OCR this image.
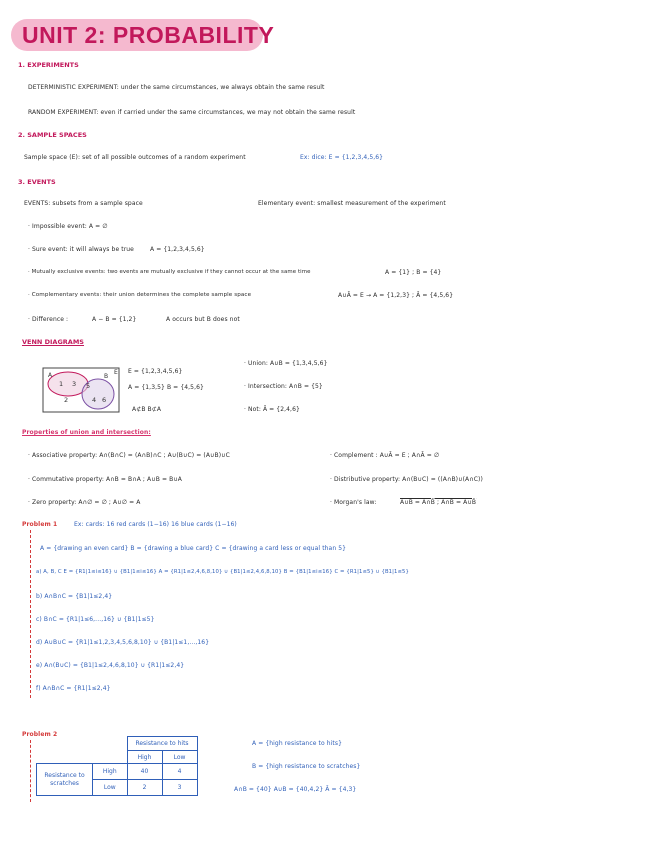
UNIT 2: PROBABILITY
1. EXPERIMENTS
DETERMINISTIC EXPERIMENT: under the same circumstances, we always obtain the same result
RANDOM EXPERIMENT: even if carried under the same circumstances, we may not obtain the same result
2. SAMPLE SPACES
Sample space (E): set of all possible outcomes of a random experiment	Ex: dice: E = {1,2,3,4,5,6}
3. EVENTS
EVENTS: subsets from a sample space	Elementary event: smallest measurement of the experiment
· Impossible event: A = ∅
· Sure event: it will always be true	A = {1,2,3,4,5,6}
· Mutually exclusive events: two events are mutually exclusive if they cannot occur at the same time	A = {1} ; B = {4}
· Complementary events: their union determines the complete sample space	A∪Ā = E → A = {1,2,3} ; Ā = {4,5,6}
· Difference :	A − B = {1,2}	A occurs but B does not
VENN DIAGRAMS
E
A	B
1 3 5
2	4 6
E = {1,2,3,4,5,6}
A = {1,3,5} B = {4,5,6}
A⊄B B⊄A
· Union: A∪B = {1,3,4,5,6}
· Intersection: A∩B = {5}
· Not: Ā = {2,4,6}
Properties of union and intersection:
· Associative property: A∩(B∩C) = (A∩B)∩C ; A∪(B∪C) = (A∪B)∪C	· Complement : A∪Ā = E ; A∩Ā = ∅
· Commutative property: A∩B = B∩A ; A∪B = B∪A	· Distributive property: A∩(B∪C) = ((A∩B)∪(A∩C))
· Zero property: A∩∅ = ∅ ; A∪∅ = A	· Morgan's law:	A∪B = Ā∩B̄ ; A∩B = Ā∪B̄
Problem 1	Ex: cards: 16 red cards (1−16) 16 blue cards (1−16)
A = {drawing an even card} B = {drawing a blue card} C = {drawing a card less or equal than 5}
a) A, B, C E = {R1|1≤i≤16} ∪ {B1|1≤i≤16} A = {R1|1≤2,4,6,8,10} ∪ {B1|1≤2,4,6,8,10} B = {B1|1≤i≤16} C = {R1|1≤5} ∪ {B1|1≤5}
b) A∩B∩C = {B1|1≤2,4}
c) B∩C = {R1|1≤6,...,16} ∪ {B1|1≤5}
d) A∪B∪C = {R1|1≤1,2,3,4,5,6,8,10} ∪ {B1|1≤1,...,16}
e) A∩(B∪C) = {B1|1≤2,4,6,8,10} ∪ {R1|1≤2,4}
f) A∩B∩C = {R1|1≤2,4}
Problem 2
		Resistance to hits	
		High	Low
Resistance to scratches	High	40	4
	Low	2	3
A = {high resistance to hits}
B = {high resistance to scratches}
A∩B = {40} A∪B = {40,4,2} Ā = {4,3}
